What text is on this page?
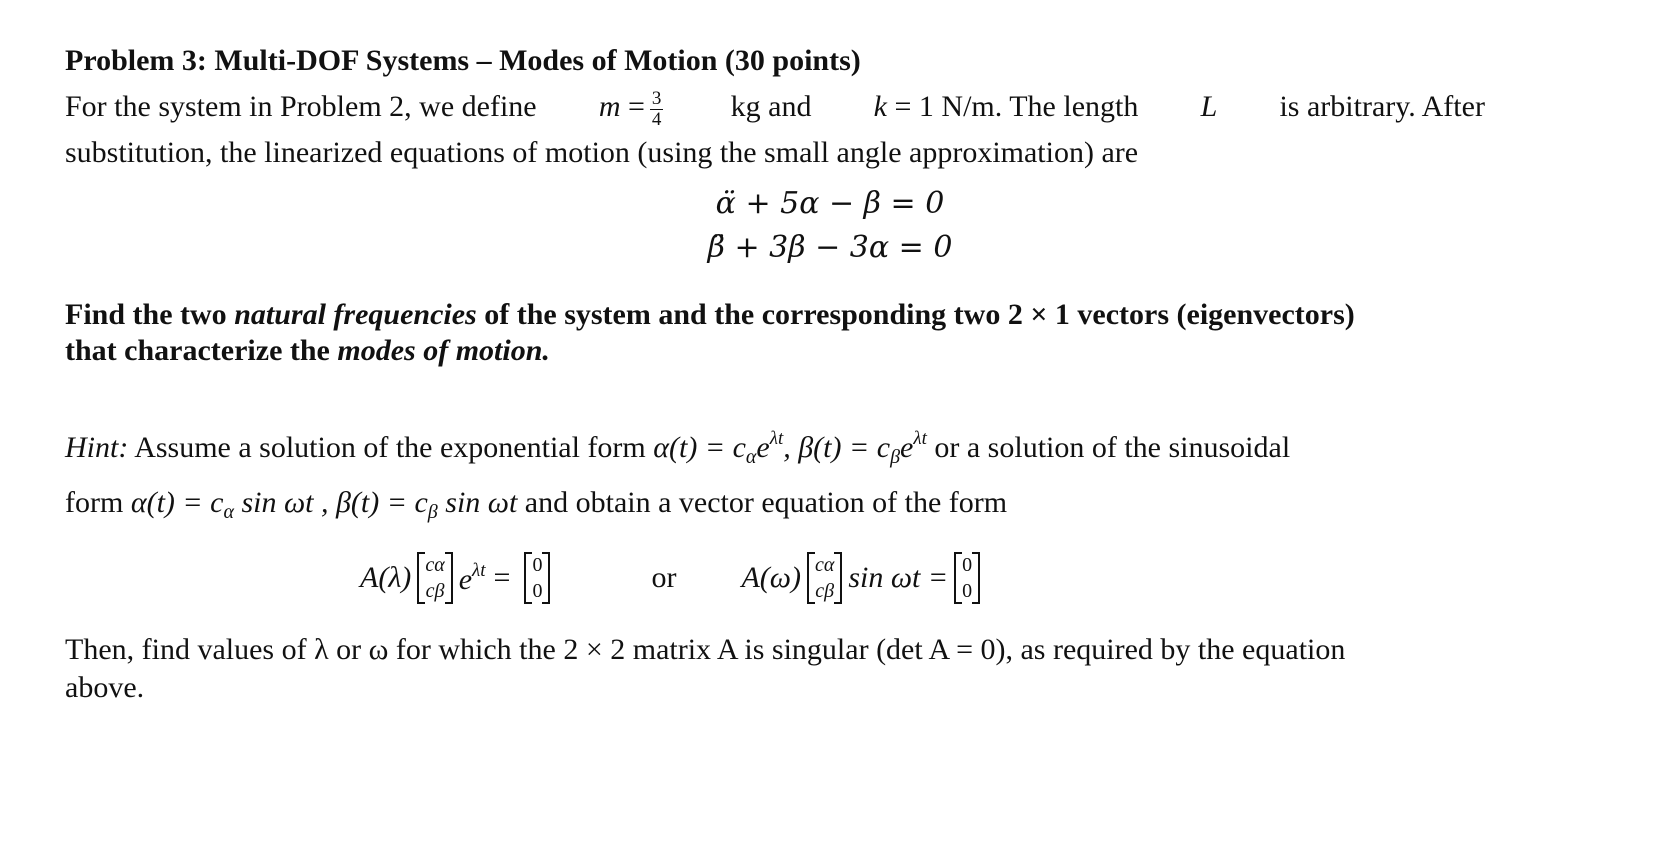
Problem 3: Multi-DOF Systems – Modes of Motion (30 points)
For the system in Problem 2, we define $m = \frac{3}{4}$ kg and k = 1 N/m. The length L is arbitrary. After
substitution, the linearized equations of motion (using the small angle approximation) are
α̈ + 5α − β = 0
β̈ + 3β − 3α = 0
Find the two natural frequencies of the system and the corresponding two 2 × 1 vectors (eigenvectors)
that characterize the modes of motion.
Hint: Assume a solution of the exponential form $\alpha(t) = c_\alpha e^{\lambda t}$, $\beta(t) = c_\beta e^{\lambda t}$ or a solution of the sinusoidal
form $\alpha(t) = c_\alpha$ sin ωt , $\beta(t) = c_\beta$ sin ωt and obtain a vector equation of the form
A(λ) cα
cβ $e^{\lambda t} = 0$
0	or A(ω) cα
cβ sin ωt = 0
0
Then, find values of λ or ω for which the 2 × 2 matrix A is singular (det A = 0), as required by the equation
above.
